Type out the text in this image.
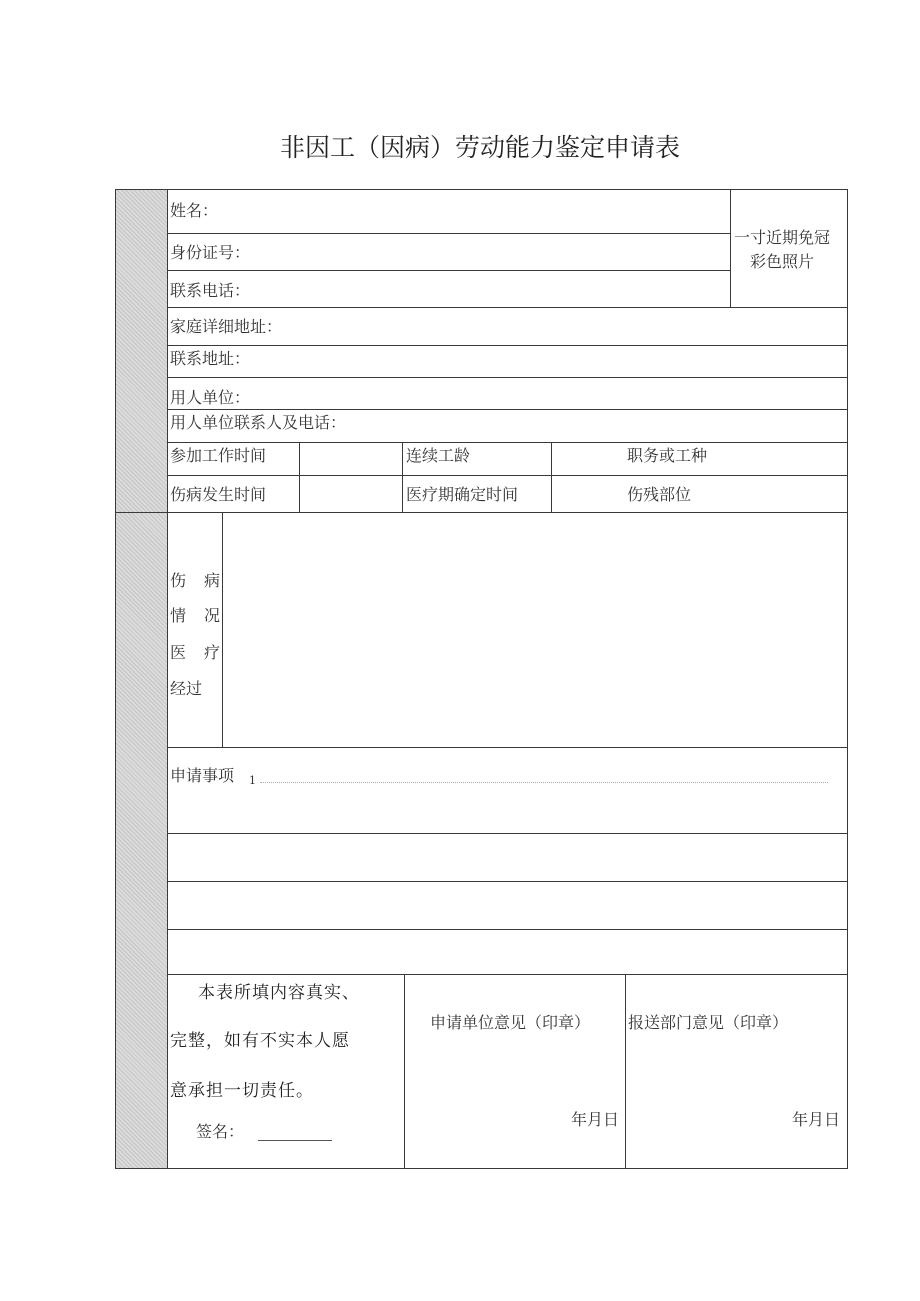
非因工（因病）劳动能力鉴定申请表
一寸近期免冠
彩色照片
姓名：
身份证号：
联系电话：
家庭详细地址：
联系地址：
用人单位：
用人单位联系人及电话：
参加工作时间	连续工龄	职务或工种
伤病发生时间	医疗期确定时间	伤残部位
伤 病
情 况
医 疗
经过
申请事项 1
本表所填内容真实、
完整，如有不实本人愿
意承担一切责任。
签名：
申请单位意见（印章）
年月日
报送部门意见（印章）
年月日
